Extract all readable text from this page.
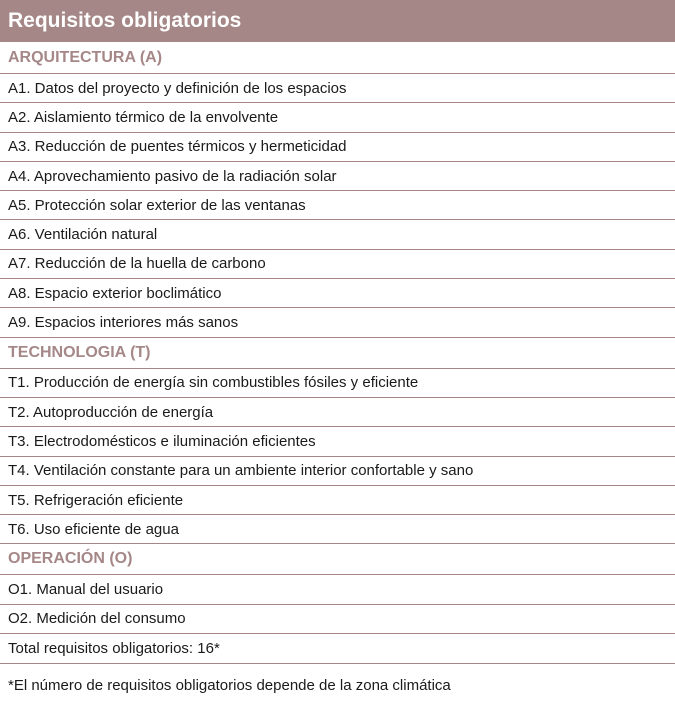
Requisitos obligatorios
ARQUITECTURA (A)
A1. Datos del proyecto y definición de los espacios
A2. Aislamiento térmico de la envolvente
A3. Reducción de puentes térmicos y hermeticidad
A4. Aprovechamiento pasivo de la radiación solar
A5. Protección solar exterior de las ventanas
A6. Ventilación natural
A7. Reducción de la huella de carbono
A8. Espacio exterior boclimático
A9. Espacios interiores más sanos
TECHNOLOGIA (T)
T1. Producción de energía sin combustibles fósiles y eficiente
T2. Autoproducción de energía
T3. Electrodomésticos e iluminación eficientes
T4. Ventilación constante para un ambiente interior confortable y sano
T5. Refrigeración eficiente
T6. Uso eficiente de agua
OPERACIÓN (O)
O1. Manual del usuario
O2. Medición del consumo
Total requisitos obligatorios: 16*
*El número de requisitos obligatorios depende de la zona climática
